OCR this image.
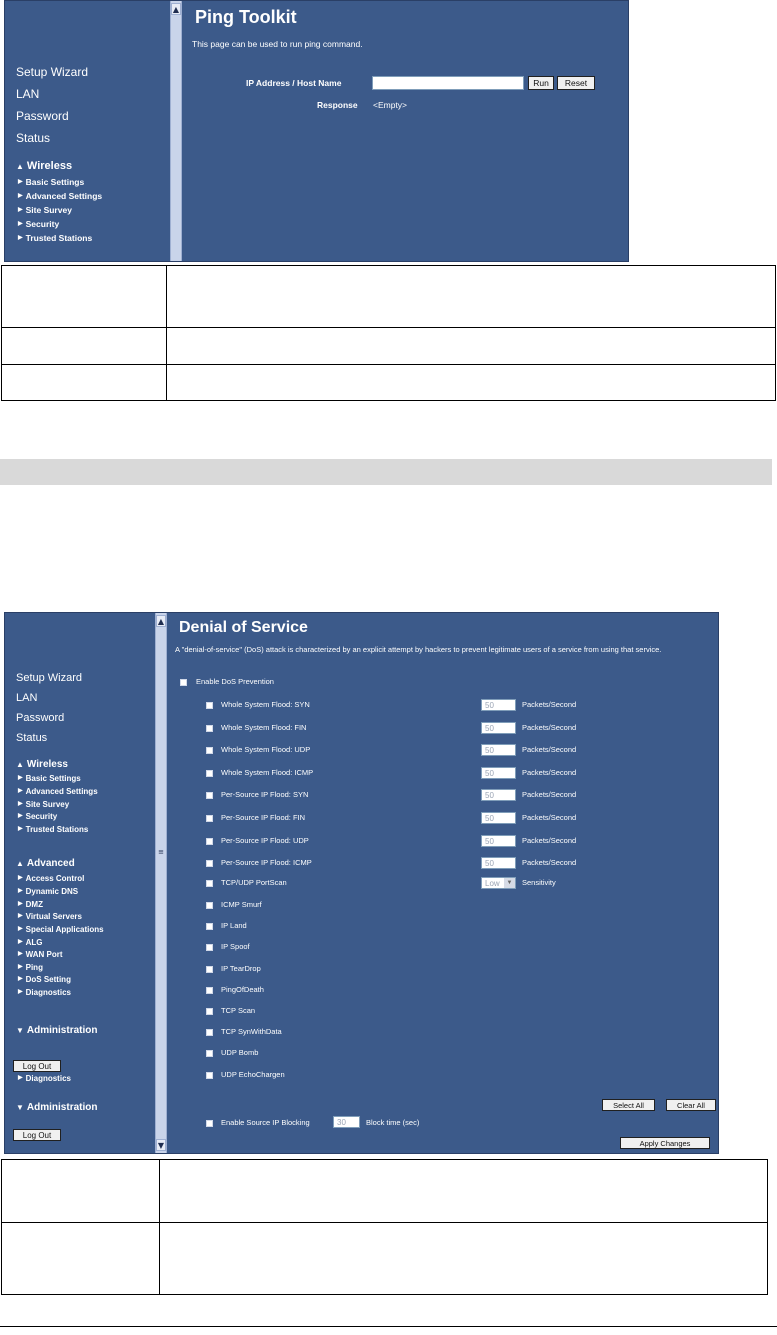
Setup Wizard
LAN
Password
Status
▲ Wireless
▶ Basic Settings
▶ Advanced Settings
▶ Site Survey
▶ Security
▶ Trusted Stations
▲ Ping Toolkit
This page can be used to run ping command.
IP Address / Host Name	Run	Reset
Response <Empty>

Setup Wizard
LAN
Password
Status
▲ Wireless
▶ Basic Settings
▶ Advanced Settings
▶ Site Survey
▶ Security
▶ Trusted Stations
▲ Advanced
▶ Access Control
▶ Dynamic DNS
▶ DMZ
▶ Virtual Servers
▶ Special Applications
▶ ALG
▶ WAN Port
▶ Ping
▶ DoS Setting
▶ Diagnostics
▼ Administration
Log Out
▶ Diagnostics
▼ Administration
Log Out
▲
≡
▼
Denial of Service
A "denial-of-service" (DoS) attack is characterized by an explicit attempt by hackers to prevent legitimate users of a service from using that service.
Enable DoS Prevention
Whole System Flood: SYN	50	Packets/Second
Whole System Flood: FIN	50	Packets/Second
Whole System Flood: UDP	50	Packets/Second
Whole System Flood: ICMP	50	Packets/Second
Per-Source IP Flood: SYN	50	Packets/Second
Per-Source IP Flood: FIN	50	Packets/Second
Per-Source IP Flood: UDP	50	Packets/Second
Per-Source IP Flood: ICMP	50	Packets/Second
ICMP Smurf
IP Land
IP Spoof
IP TearDrop
PingOfDeath
TCP Scan
TCP SynWithData
UDP Bomb
UDP EchoChargen
TCP/UDP PortScan	Low	▼	Sensitivity
Select All	Clear All
Enable Source IP Blocking	30	Block time (sec)
Apply Changes
